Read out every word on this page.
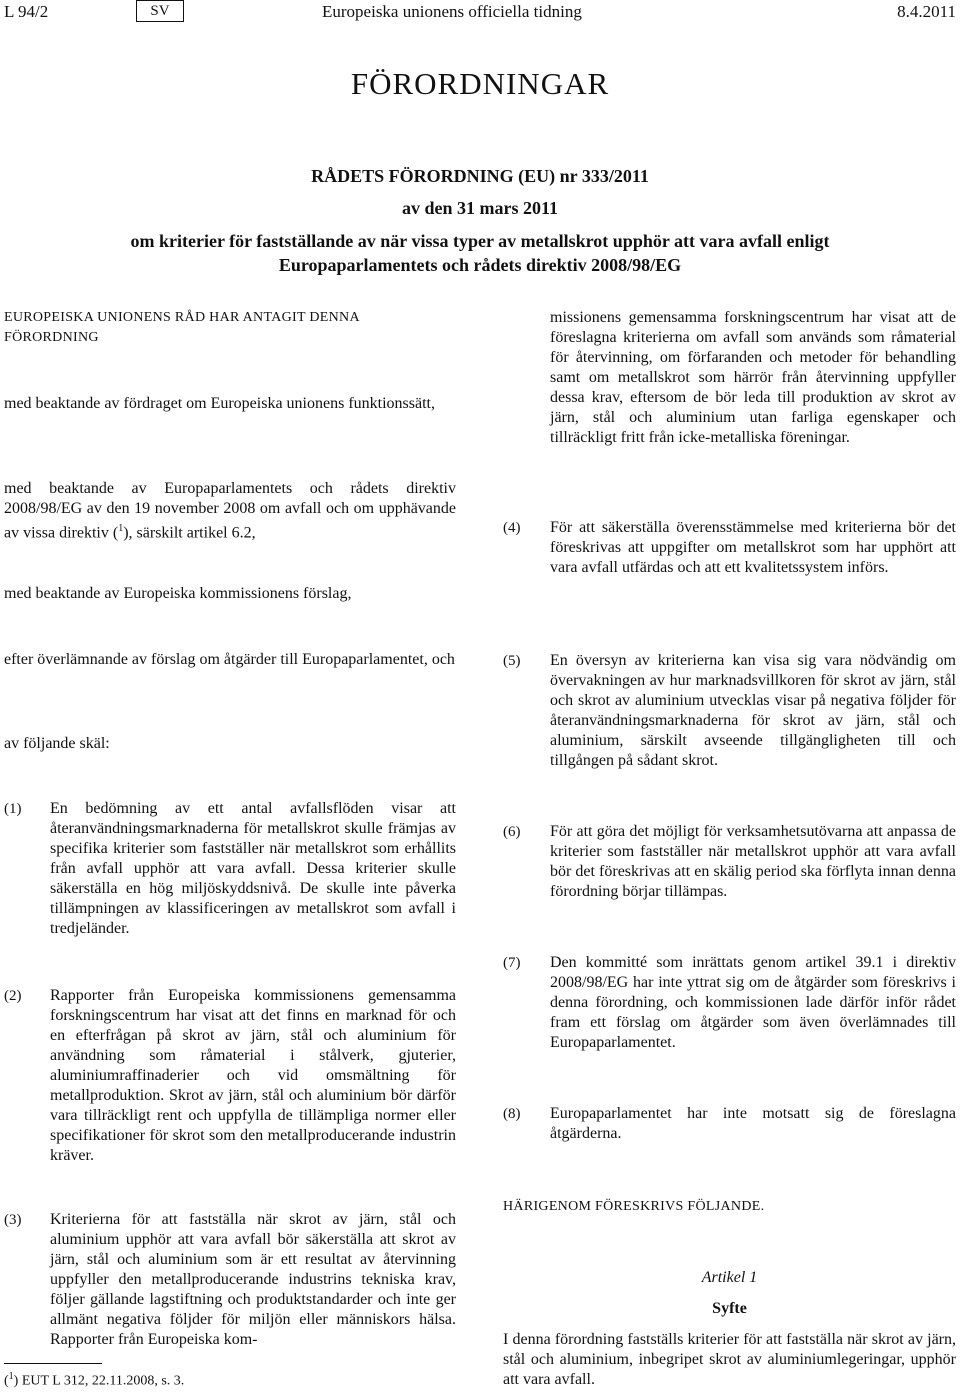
L 94/2	SV	Europeiska unionens officiella tidning	8.4.2011
FÖRORDNINGAR
RÅDETS FÖRORDNING (EU) nr 333/2011
av den 31 mars 2011
om kriterier för fastställande av när vissa typer av metallskrot upphör att vara avfall enligt Europaparlamentets och rådets direktiv 2008/98/EG
EUROPEISKA UNIONENS RÅD HAR ANTAGIT DENNA FÖRORDNING
med beaktande av fördraget om Europeiska unionens funktionssätt,
med beaktande av Europaparlamentets och rådets direktiv 2008/98/EG av den 19 november 2008 om avfall och om upphävande av vissa direktiv ($^1$), särskilt artikel 6.2,
med beaktande av Europeiska kommissionens förslag,
efter överlämnande av förslag om åtgärder till Europaparlamentet, och
av följande skäl:
(1) En bedömning av ett antal avfallsflöden visar att återanvändningsmarknaderna för metallskrot skulle främjas av specifika kriterier som fastställer när metallskrot som erhållits från avfall upphör att vara avfall. Dessa kriterier skulle säkerställa en hög miljöskyddsnivå. De skulle inte påverka tillämpningen av klassificeringen av metallskrot som avfall i tredjeländer.
(2) Rapporter från Europeiska kommissionens gemensamma forskningscentrum har visat att det finns en marknad för och en efterfrågan på skrot av järn, stål och aluminium för användning som råmaterial i stålverk, gjuterier, aluminiumraffinaderier och vid omsmältning för metallproduktion. Skrot av järn, stål och aluminium bör därför vara tillräckligt rent och uppfylla de tillämpliga normer eller specifikationer för skrot som den metallproducerande industrin kräver.
(3) Kriterierna för att fastställa när skrot av järn, stål och aluminium upphör att vara avfall bör säkerställa att skrot av järn, stål och aluminium som är ett resultat av återvinning uppfyller den metallproducerande industrins tekniska krav, följer gällande lagstiftning och produktstandarder och inte ger allmänt negativa följder för miljön eller människors hälsa. Rapporter från Europeiska kom-
missionens gemensamma forskningscentrum har visat att de föreslagna kriterierna om avfall som används som råmaterial för återvinning, om förfaranden och metoder för behandling samt om metallskrot som härrör från återvinning uppfyller dessa krav, eftersom de bör leda till produktion av skrot av järn, stål och aluminium utan farliga egenskaper och tillräckligt fritt från icke-metalliska föreningar.
(4) För att säkerställa överensstämmelse med kriterierna bör det föreskrivas att uppgifter om metallskrot som har upphört att vara avfall utfärdas och att ett kvalitetssystem införs.
(5) En översyn av kriterierna kan visa sig vara nödvändig om övervakningen av hur marknadsvillkoren för skrot av järn, stål och skrot av aluminium utvecklas visar på negativa följder för återanvändningsmarknaderna för skrot av järn, stål och aluminium, särskilt avseende tillgängligheten till och tillgången på sådant skrot.
(6) För att göra det möjligt för verksamhetsutövarna att anpassa de kriterier som fastställer när metallskrot upphör att vara avfall bör det föreskrivas att en skälig period ska förflyta innan denna förordning börjar tillämpas.
(7) Den kommitté som inrättats genom artikel 39.1 i direktiv 2008/98/EG har inte yttrat sig om de åtgärder som föreskrivs i denna förordning, och kommissionen lade därför inför rådet fram ett förslag om åtgärder som även överlämnades till Europaparlamentet.
(8) Europaparlamentet har inte motsatt sig de föreslagna åtgärderna.
HÄRIGENOM FÖRESKRIVS FÖLJANDE.
Artikel 1
Syfte
I denna förordning fastställs kriterier för att fastställa när skrot av järn, stål och aluminium, inbegripet skrot av aluminiumlegeringar, upphör att vara avfall.
($^1$) EUT L 312, 22.11.2008, s. 3.
